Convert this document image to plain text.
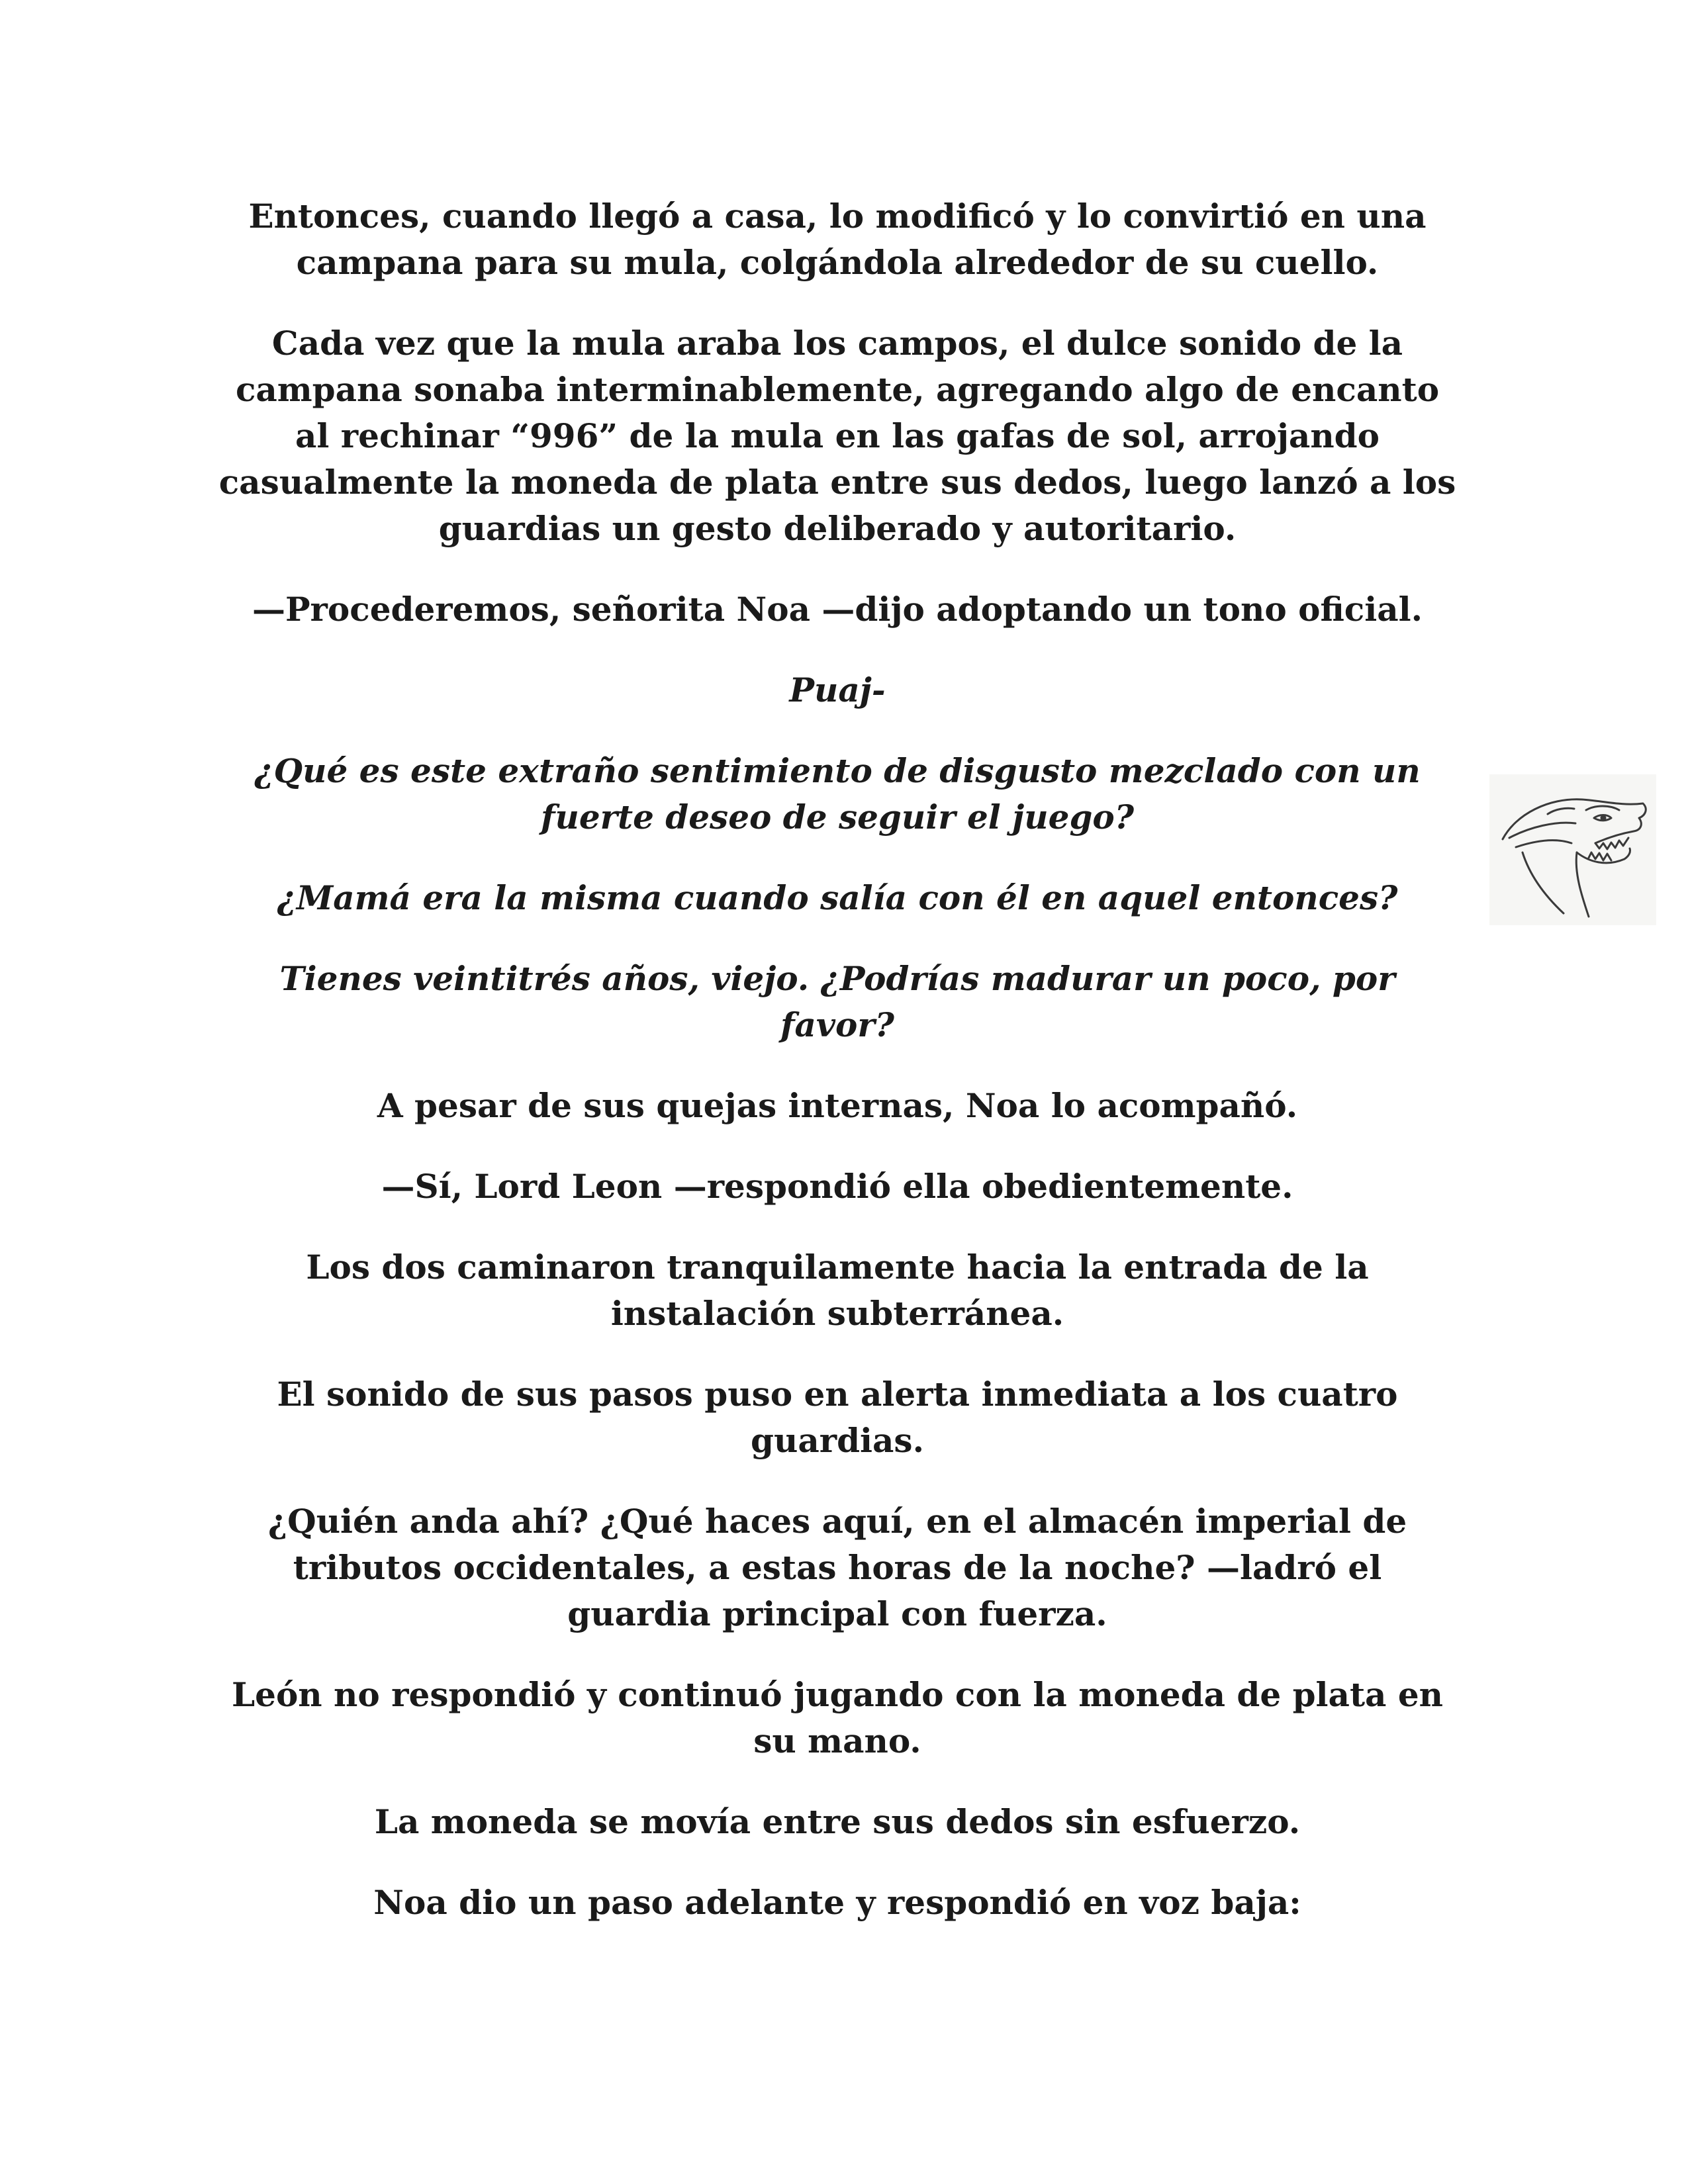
Entonces, cuando llegó a casa, lo modificó y lo convirtió en una campana para su mula, colgándola alrededor de su cuello.

Cada vez que la mula araba los campos, el dulce sonido de la campana sonaba interminablemente, agregando algo de encanto al rechinar “996” de la mula en las gafas de sol, arrojando casualmente la moneda de plata entre sus dedos, luego lanzó a los guardias un gesto deliberado y autoritario.

—Procederemos, señorita Noa —dijo adoptando un tono oficial.

Puaj-

¿Qué es este extraño sentimiento de disgusto mezclado con un fuerte deseo de seguir el juego?

¿Mamá era la misma cuando salía con él en aquel entonces?

Tienes veintitrés años, viejo. ¿Podrías madurar un poco, por favor?

A pesar de sus quejas internas, Noa lo acompañó.

—Sí, Lord Leon —respondió ella obedientemente.

Los dos caminaron tranquilamente hacia la entrada de la instalación subterránea.

El sonido de sus pasos puso en alerta inmediata a los cuatro guardias.

¿Quién anda ahí? ¿Qué haces aquí, en el almacén imperial de tributos occidentales, a estas horas de la noche? —ladró el guardia principal con fuerza.

León no respondió y continuó jugando con la moneda de plata en su mano.

La moneda se movía entre sus dedos sin esfuerzo.

Noa dio un paso adelante y respondió en voz baja:
